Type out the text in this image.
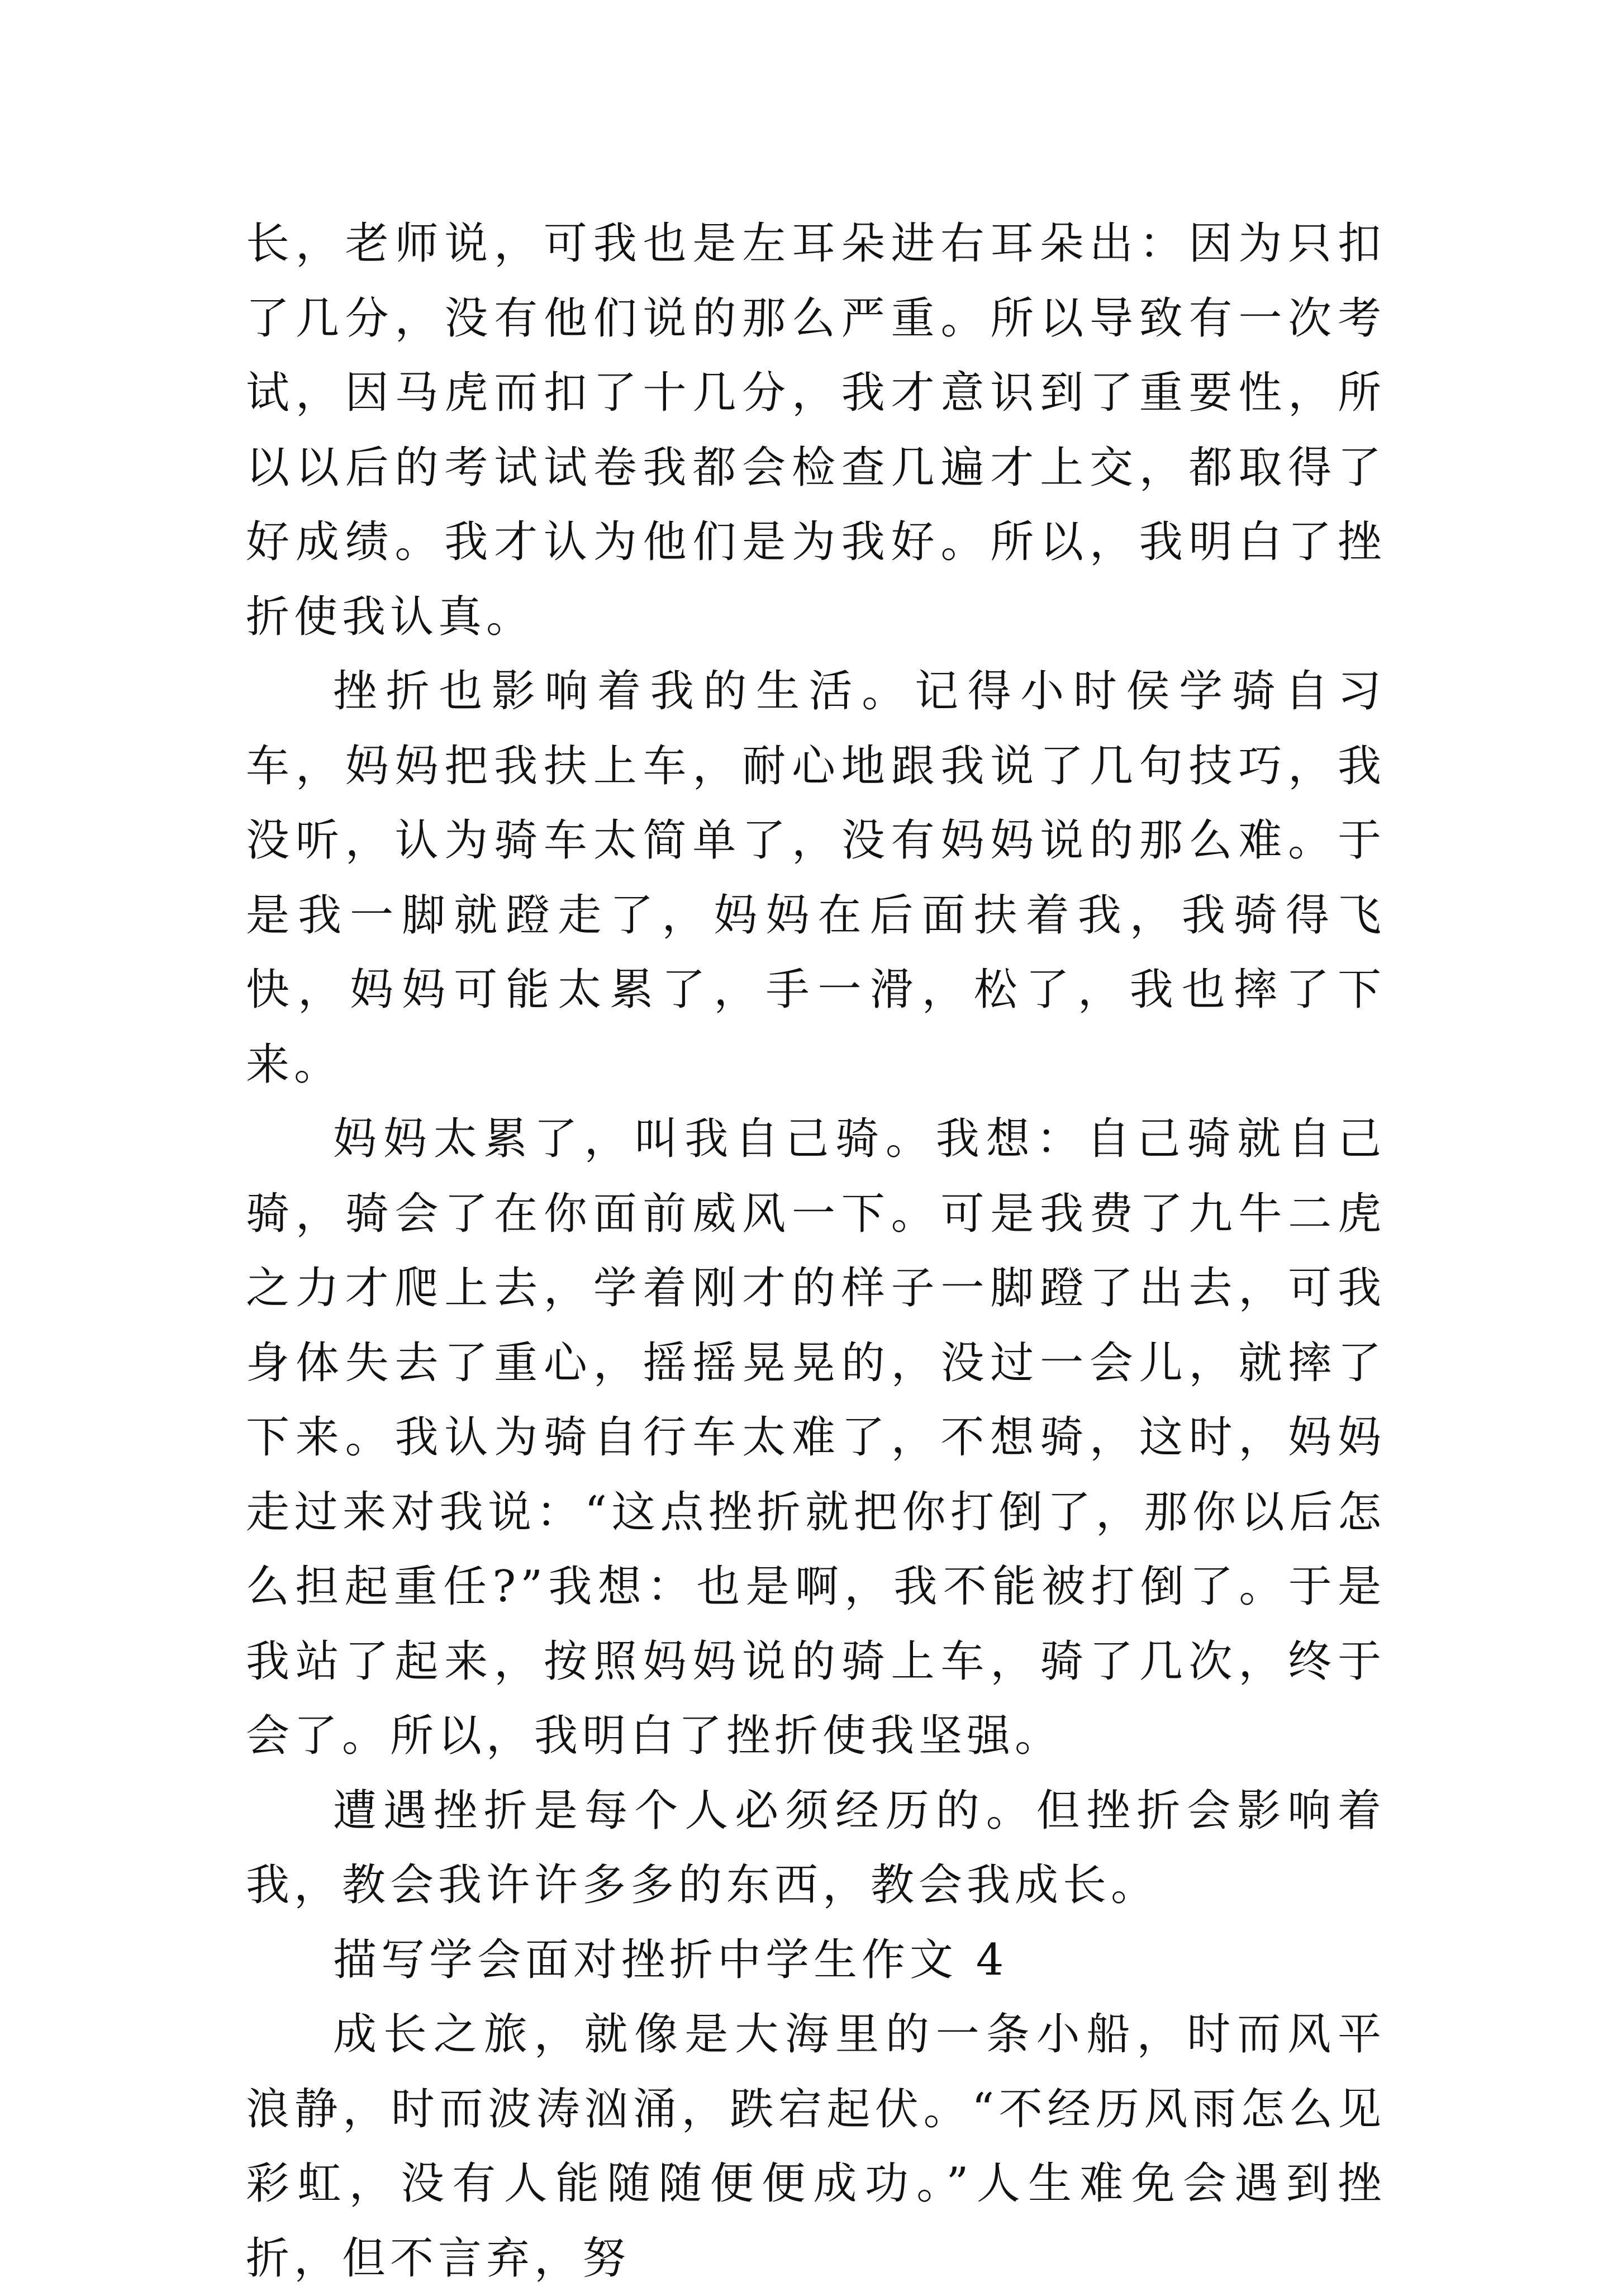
长，老师说，可我也是左耳朵进右耳朵出：因为只扣了几分，没有他们说的那么严重。所以导致有一次考试，因马虎而扣了十几分，我才意识到了重要性，所以以后的考试试卷我都会检查几遍才上交，都取得了好成绩。我才认为他们是为我好。所以，我明白了挫折使我认真。

挫折也影响着我的生活。记得小时侯学骑自习车，妈妈把我扶上车，耐心地跟我说了几句技巧，我没听，认为骑车太简单了，没有妈妈说的那么难。于是我一脚就蹬走了，妈妈在后面扶着我，我骑得飞快，妈妈可能太累了，手一滑，松了，我也摔了下来。

妈妈太累了，叫我自己骑。我想：自己骑就自己骑，骑会了在你面前威风一下。可是我费了九牛二虎之力才爬上去，学着刚才的样子一脚蹬了出去，可我身体失去了重心，摇摇晃晃的，没过一会儿，就摔了下来。我认为骑自行车太难了，不想骑，这时，妈妈走过来对我说：“这点挫折就把你打倒了，那你以后怎么担起重任?”我想：也是啊，我不能被打倒了。于是我站了起来，按照妈妈说的骑上车，骑了几次，终于会了。所以，我明白了挫折使我坚强。

遭遇挫折是每个人必须经历的。但挫折会影响着我，教会我许许多多的东西，教会我成长。

描写学会面对挫折中学生作文 4

成长之旅，就像是大海里的一条小船，时而风平浪静，时而波涛汹涌，跌宕起伏。“不经历风雨怎么见彩虹，没有人能随随便便成功。”人生难免会遇到挫折，但不言弃，努
